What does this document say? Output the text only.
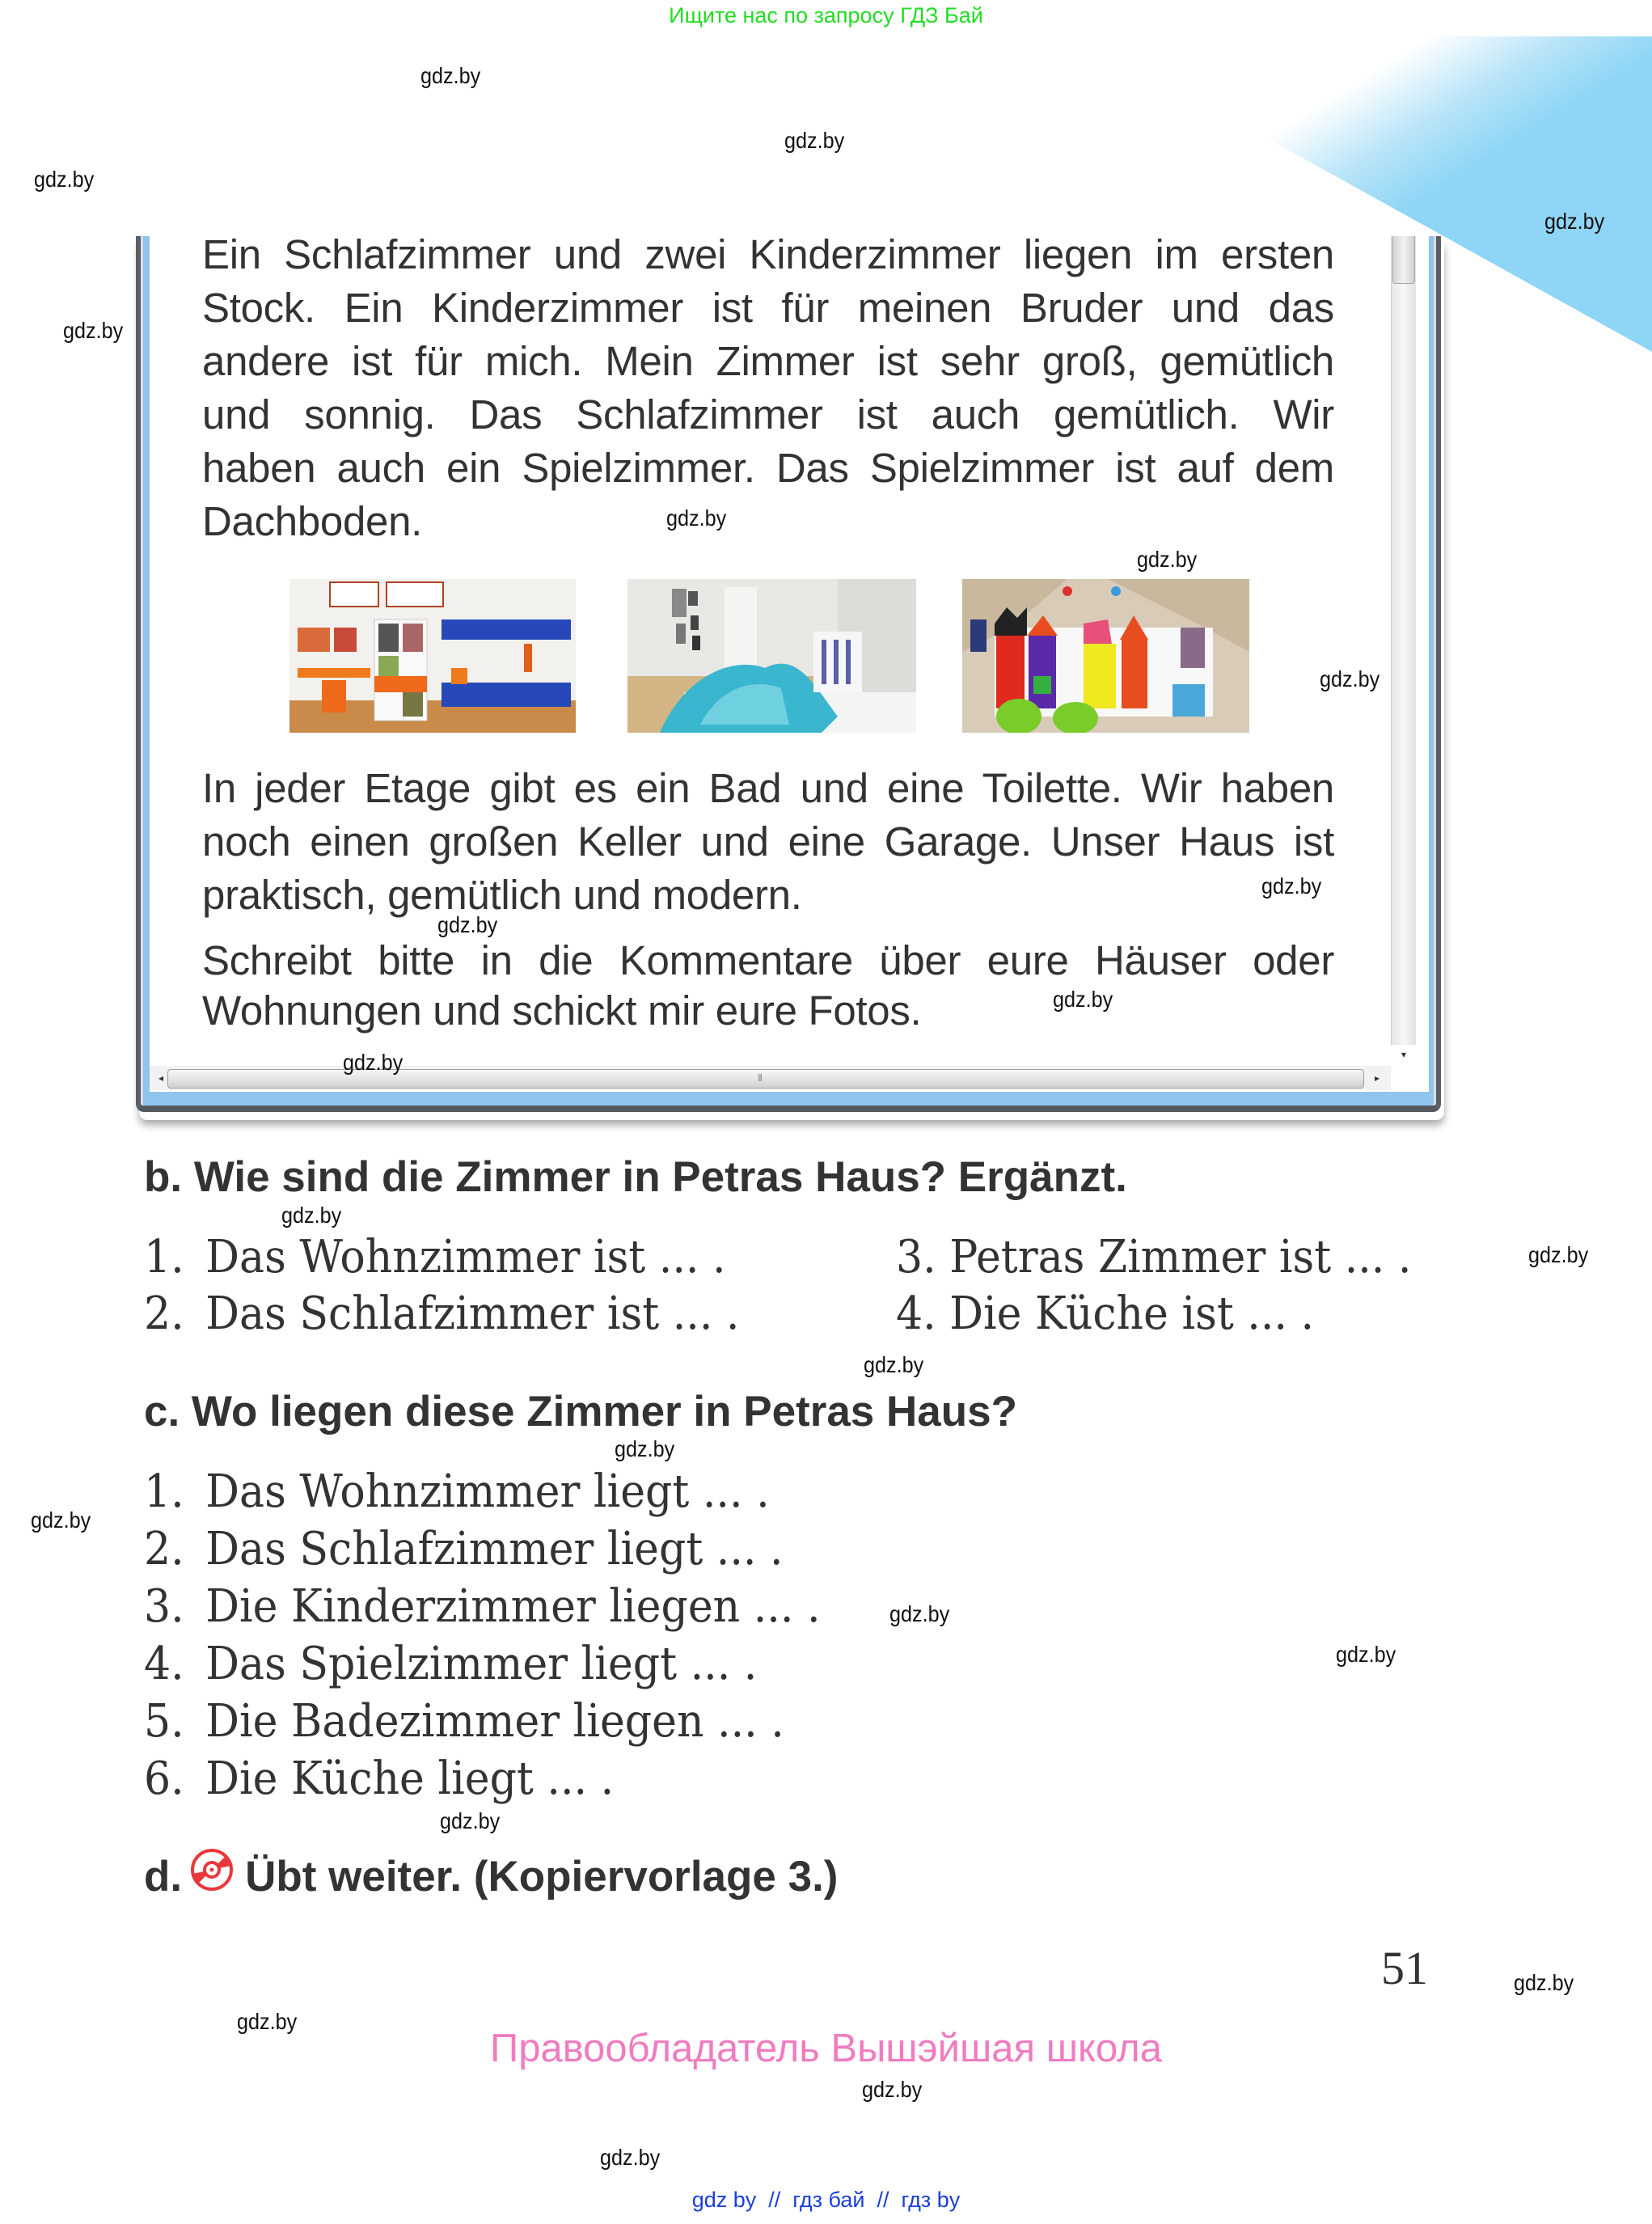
Ищите нас по запросу ГДЗ Бай
▾
⦀
◂	▸
Ein Schlafzimmer und zwei Kinderzimmer liegen im ersten
Stock. Ein Kinderzimmer ist für meinen Bruder und das
andere ist für mich. Mein Zimmer ist sehr groß, gemütlich
und sonnig. Das Schlafzimmer ist auch gemütlich. Wir
haben auch ein Spielzimmer. Das Spielzimmer ist auf dem
Dachboden.
In jeder Etage gibt es ein Bad und eine Toilette. Wir haben
noch einen großen Keller und eine Garage. Unser Haus ist
praktisch, gemütlich und modern.
Schreibt bitte in die Kommentare über eure Häuser oder
Wohnungen und schickt mir eure Fotos.
b. Wie sind die Zimmer in Petras Haus? Ergänzt.
1. Das Wohnzimmer ist ... .
2. Das Schlafzimmer ist ... .
3. Petras Zimmer ist ... .
4. Die Küche ist ... .
c. Wo liegen diese Zimmer in Petras Haus?
1. Das Wohnzimmer liegt ... .
2. Das Schlafzimmer liegt ... .
3. Die Kinderzimmer liegen ... .
4. Das Spielzimmer liegt ... .
5. Die Badezimmer liegen ... .
6. Die Küche liegt ... .
d. Übt weiter. (Kopiervorlage 3.)
51
Правообладатель Вышэйшая школа
gdz by  //  гдз бай  //  гдз by
gdz.by
gdz.by
gdz.by
gdz.by
gdz.by
gdz.by
gdz.by
gdz.by
gdz.by
gdz.by
gdz.by
gdz.by
gdz.by
gdz.by
gdz.by
gdz.by
gdz.by
gdz.by
gdz.by
gdz.by
gdz.by
gdz.by
gdz.by
gdz.by
